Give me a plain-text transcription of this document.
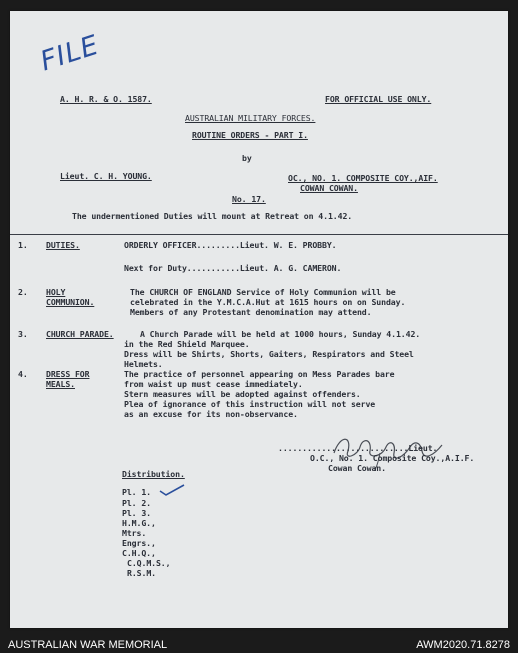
FILE
A. H. R. & O. 1587.	FOR OFFICIAL USE ONLY.
AUSTRALIAN MILITARY FORCES.
ROUTINE ORDERS - PART I.
by
Lieut. C. H. YOUNG.	OC., NO. 1. COMPOSITE COY.,AIF.
COWAN COWAN.
No. 17.
The undermentioned Duties will mount at Retreat on 4.1.42.
1. DUTIES.	ORDERLY OFFICER.........Lieut. W. E. PROBBY.
Next for Duty...........Lieut. A. G. CAMERON.
2. HOLY
COMMUNION.
The CHURCH OF ENGLAND Service of Holy Communion will be
celebrated in the Y.M.C.A.Hut at 1615 hours on on Sunday.
Members of any Protestant denomination may attend.
3. CHURCH PARADE.	A Church Parade will be held at 1000 hours, Sunday 4.1.42.
in the Red Shield Marquee.
Dress will be Shirts, Shorts, Gaiters, Respirators and Steel
Helmets.
4. DRESS FOR
MEALS.
The practice of personnel appearing on Mess Parades bare
from waist up must cease immediately.
Stern measures will be adopted against offenders.
Plea of ignorance of this instruction will not serve
as an excuse for its non-observance.
...........................Lieut.
O.C., No. 1. Composite Coy.,A.I.F.
Cowan Cowan.
Distribution.
Pl. 1.
Pl. 2.
Pl. 3.
H.M.G.,
Mtrs.
Engrs.,
C.H.Q.,
C.Q.M.S.,
R.S.M.
AUSTRALIAN WAR MEMORIAL	AWM2020.71.8278
